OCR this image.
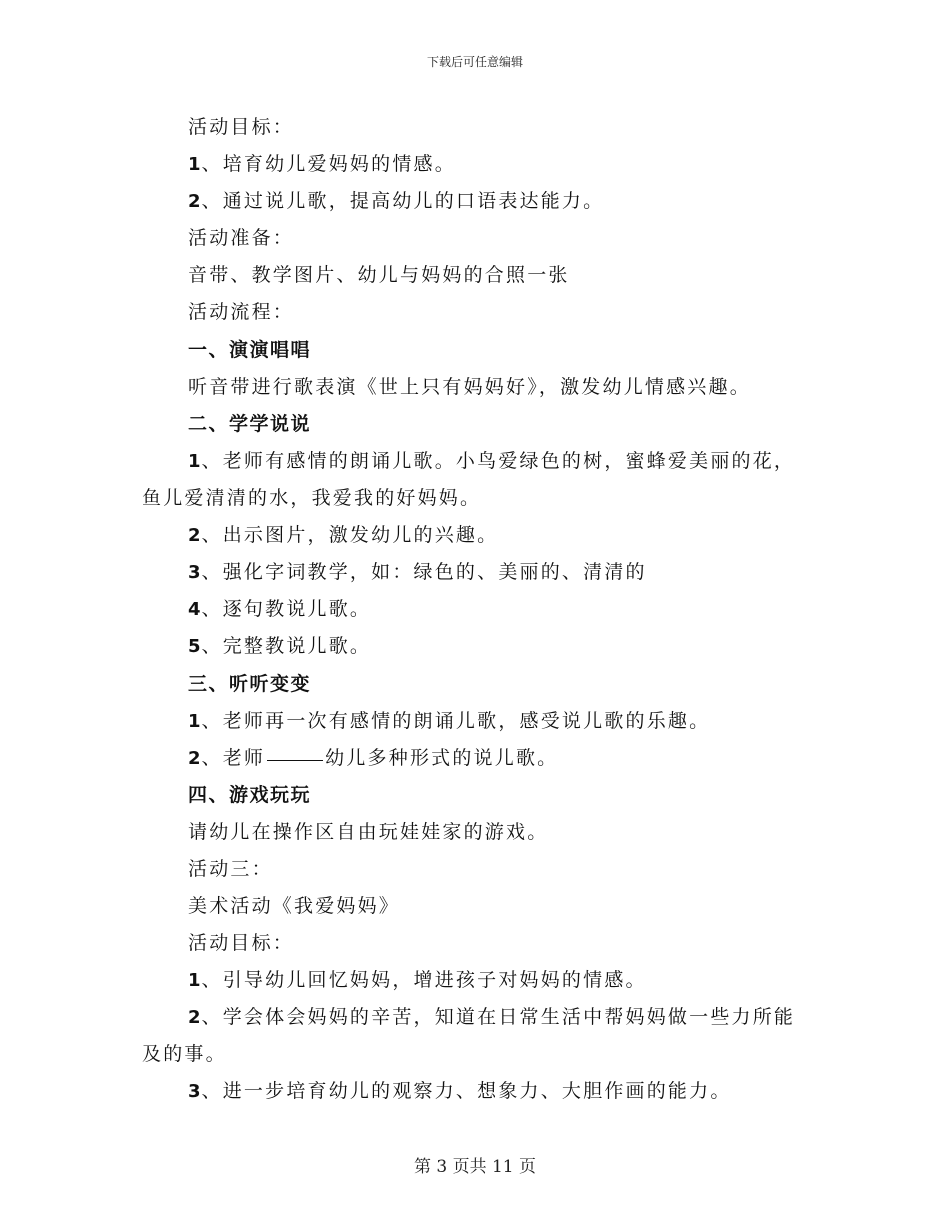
下载后可任意编辑
活动目标：
1、培育幼儿爱妈妈的情感。
2、通过说儿歌，提高幼儿的口语表达能力。
活动准备：
音带、教学图片、幼儿与妈妈的合照一张
活动流程：
一、演演唱唱
听音带进行歌表演《世上只有妈妈好》，激发幼儿情感兴趣。
二、学学说说
1、老师有感情的朗诵儿歌。小鸟爱绿色的树，蜜蜂爱美丽的花，
鱼儿爱清清的水，我爱我的好妈妈。
2、出示图片，激发幼儿的兴趣。
3、强化字词教学，如：绿色的、美丽的、清清的
4、逐句教说儿歌。
5、完整教说儿歌。
三、听听变变
1、老师再一次有感情的朗诵儿歌，感受说儿歌的乐趣。
2、老师	幼儿多种形式的说儿歌。
四、游戏玩玩
请幼儿在操作区自由玩娃娃家的游戏。
活动三：
美术活动《我爱妈妈》
活动目标：
1、引导幼儿回忆妈妈，增进孩子对妈妈的情感。
2、学会体会妈妈的辛苦，知道在日常生活中帮妈妈做一些力所能
及的事。
3、进一步培育幼儿的观察力、想象力、大胆作画的能力。
第 3 页共 11 页
